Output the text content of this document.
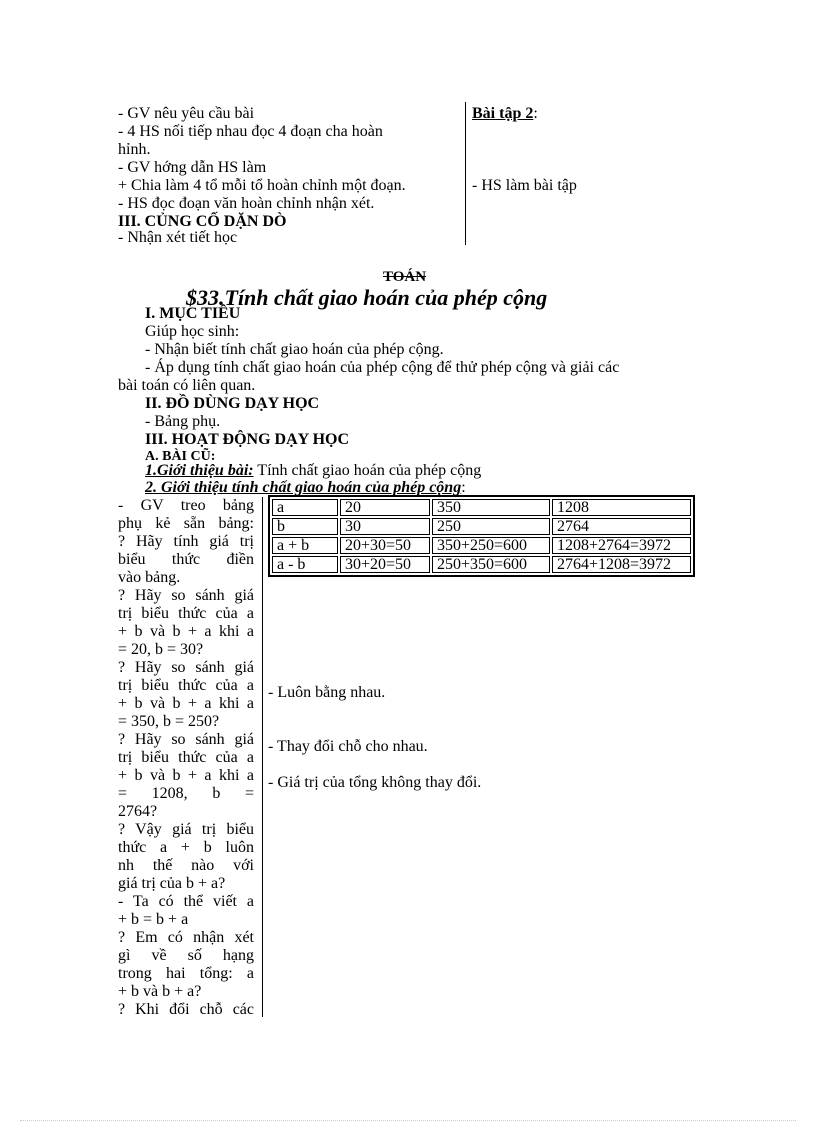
- GV nêu yêu cầu bài
- 4 HS nối tiếp nhau đọc 4 đoạn cha hoàn
hỉnh.
- GV hớng dẫn HS làm
+ Chia làm 4 tổ mỗi tổ hoàn chỉnh một đoạn.
- HS đọc đoạn văn hoàn chỉnh nhận xét.
III. CỦNG CỐ DẶN DÒ
- Nhận xét tiết học
Bài tập 2:
- HS làm bài tập
TOÁN
$33.Tính chất giao hoán của phép cộng
I. MỤC TIÊU
Giúp học sinh:
- Nhận biết tính chất giao hoán của phép cộng.
- Áp dụng tính chất giao hoán của phép cộng để thử phép cộng và giải các
bài toán có liên quan.
II. ĐỒ DÙNG DẠY HỌC
- Bảng phụ.
III. HOẠT ĐỘNG DẠY HỌC
A. BÀI CŨ:
1.Giới thiệu bài: Tính chất giao hoán của phép cộng
2. Giới thiệu tính chất giao hoán của phép cộng:
- GV treo bảng
phụ kẻ sẵn bảng:
? Hãy tính giá trị
biểu thức điền
vào bảng.
? Hãy so sánh giá
trị biểu thức của a
+ b và b + a khi a
= 20, b = 30?
? Hãy so sánh giá
trị biểu thức của a
+ b và b + a khi a
= 350, b = 250?
? Hãy so sánh giá
trị biểu thức của a
+ b và b + a khi a
= 1208, b =
2764?
? Vậy giá trị biểu
thức a + b luôn
nh thế nào với
giá trị của b + a?
- Ta có thể viết a
+ b = b + a
? Em có nhận xét
gì về số hạng
trong hai tổng: a
+ b và b + a?
? Khi đổi chỗ các
a	20	350	1208
b	30	250	2764
a + b	20+30=50	350+250=600	1208+2764=3972
a - b	30+20=50	250+350=600	2764+1208=3972
- Luôn bằng nhau.
- Thay đổi chỗ cho nhau.
- Giá trị của tổng không thay đổi.
